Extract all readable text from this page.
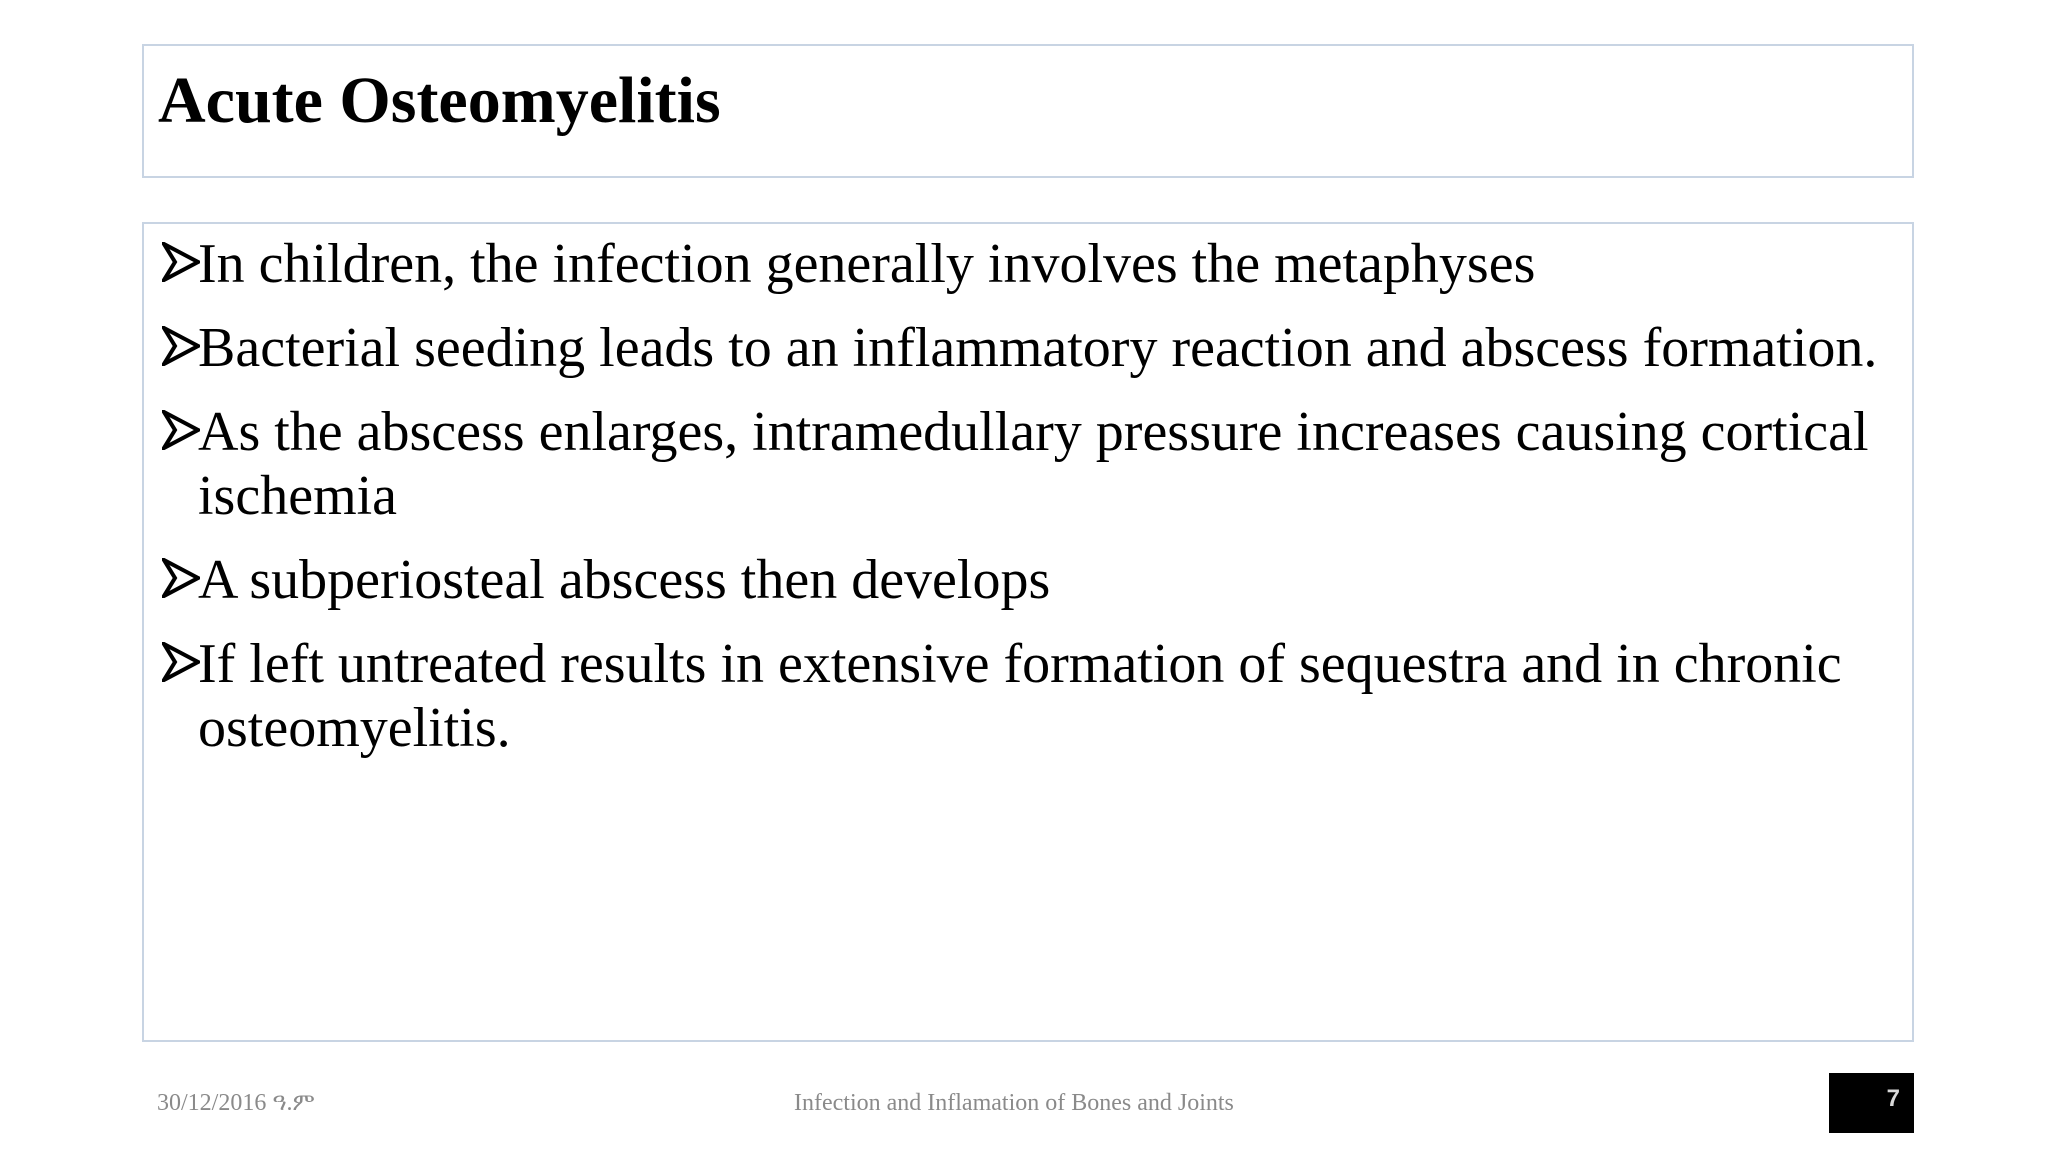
Acute Osteomyelitis
In children, the infection generally involves the metaphyses
Bacterial seeding leads to an inflammatory reaction and abscess formation.
As the abscess enlarges, intramedullary pressure increases causing cortical ischemia
A subperiosteal abscess then develops
If left untreated results in extensive formation of sequestra and in chronic osteomyelitis.
30/12/2016 ዓ.ም	Infection and Inflamation of Bones and Joints	7
